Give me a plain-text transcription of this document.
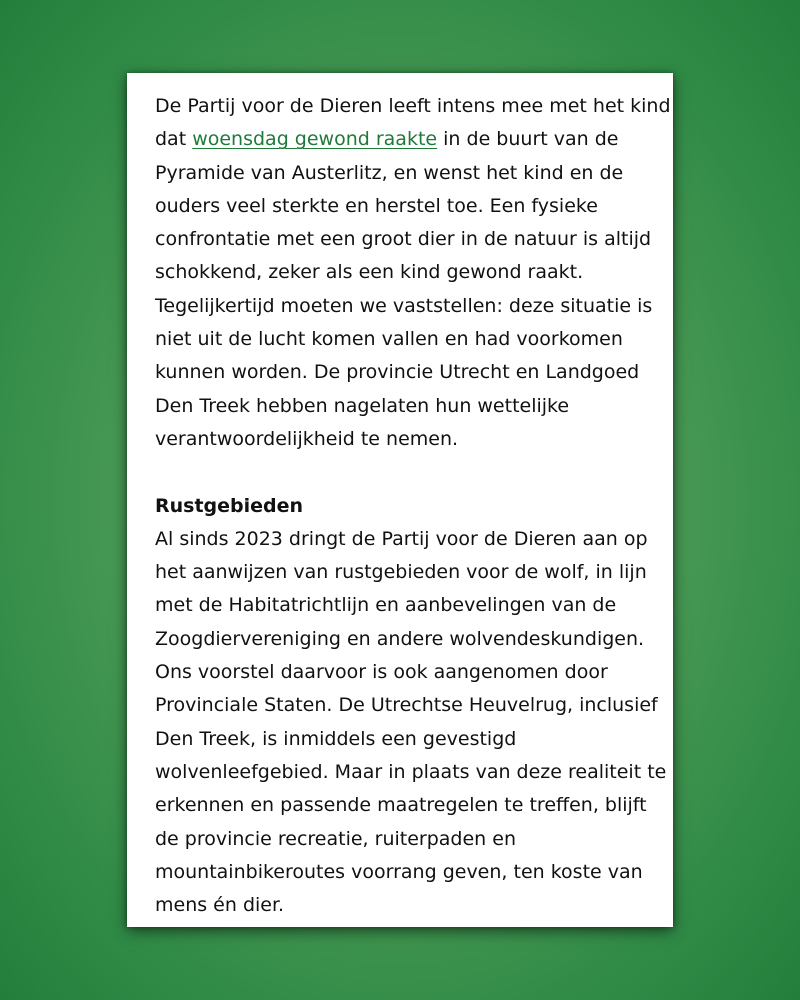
De Partij voor de Dieren leeft intens mee met het kind
dat woensdag gewond raakte in de buurt van de
Pyramide van Austerlitz, en wenst het kind en de
ouders veel sterkte en herstel toe. Een fysieke
confrontatie met een groot dier in de natuur is altijd
schokkend, zeker als een kind gewond raakt.
Tegelijkertijd moeten we vaststellen: deze situatie is
niet uit de lucht komen vallen en had voorkomen
kunnen worden. De provincie Utrecht en Landgoed
Den Treek hebben nagelaten hun wettelijke
verantwoordelijkheid te nemen.
Rustgebieden
Al sinds 2023 dringt de Partij voor de Dieren aan op
het aanwijzen van rustgebieden voor de wolf, in lijn
met de Habitatrichtlijn en aanbevelingen van de
Zoogdiervereniging en andere wolvendeskundigen.
Ons voorstel daarvoor is ook aangenomen door
Provinciale Staten. De Utrechtse Heuvelrug, inclusief
Den Treek, is inmiddels een gevestigd
wolvenleefgebied. Maar in plaats van deze realiteit te
erkennen en passende maatregelen te treffen, blijft
de provincie recreatie, ruiterpaden en
mountainbikeroutes voorrang geven, ten koste van
mens én dier.
